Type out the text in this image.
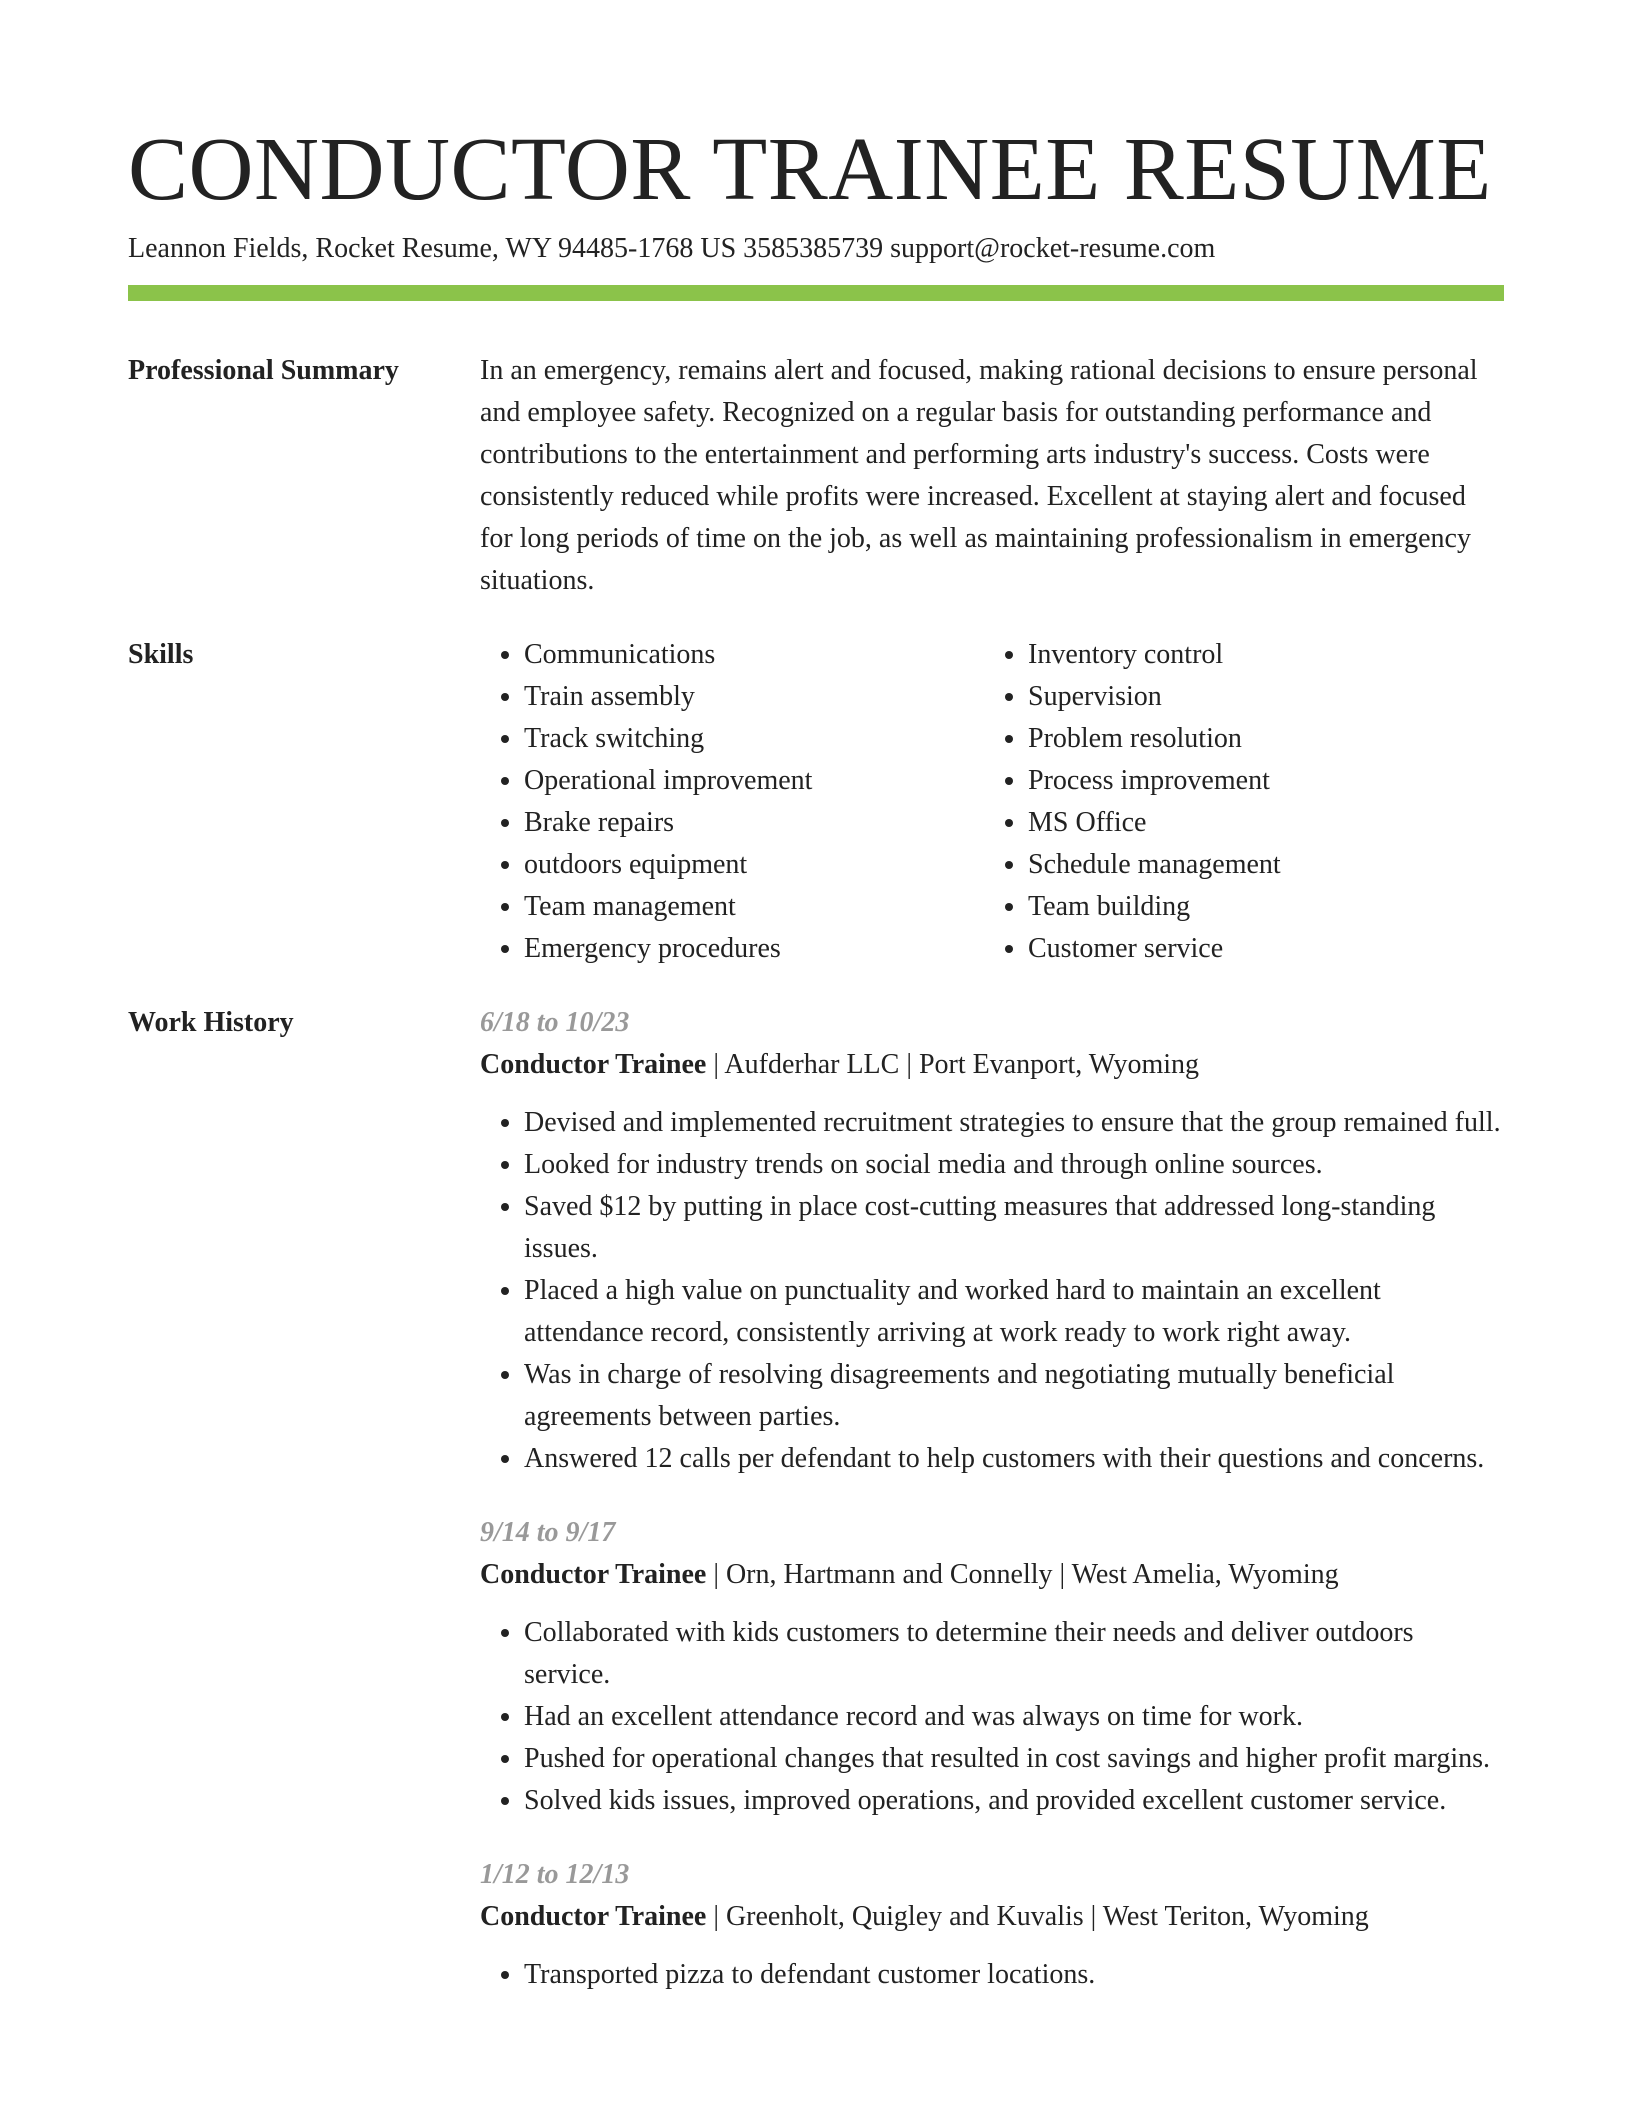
CONDUCTOR TRAINEE RESUME
Leannon Fields, Rocket Resume, WY 94485-1768 US 3585385739 support@rocket-resume.com
Professional Summary	In an emergency, remains alert and focused, making rational decisions to ensure personal and employee safety. Recognized on a regular basis for outstanding performance and contributions to the entertainment and performing arts industry's success. Costs were consistently reduced while profits were increased. Excellent at staying alert and focused for long periods of time on the job, as well as maintaining professionalism in emergency situations.

Skills
•	Communications
• Train assembly
• Track switching
• Operational improvement
• Brake repairs
• outdoors equipment
• Team management
• Emergency procedures
• Inventory control
• Supervision
• Problem resolution
• Process improvement
• MS Office
• Schedule management
• Team building
• Customer service
Work History	6/18 to 10/23
Conductor Trainee | Aufderhar LLC | Port Evanport, Wyoming
• Devised and implemented recruitment strategies to ensure that the group remained full.
• Looked for industry trends on social media and through online sources.
• Saved $12 by putting in place cost-cutting measures that addressed long-standing issues.
• Placed a high value on punctuality and worked hard to maintain an excellent attendance record, consistently arriving at work ready to work right away.
• Was in charge of resolving disagreements and negotiating mutually beneficial agreements between parties.
• Answered 12 calls per defendant to help customers with their questions and concerns.
9/14 to 9/17
Conductor Trainee | Orn, Hartmann and Connelly | West Amelia, Wyoming
• Collaborated with kids customers to determine their needs and deliver outdoors service.
• Had an excellent attendance record and was always on time for work.
• Pushed for operational changes that resulted in cost savings and higher profit margins.
• Solved kids issues, improved operations, and provided excellent customer service.
1/12 to 12/13
Conductor Trainee | Greenholt, Quigley and Kuvalis | West Teriton, Wyoming
• Transported pizza to defendant customer locations.
